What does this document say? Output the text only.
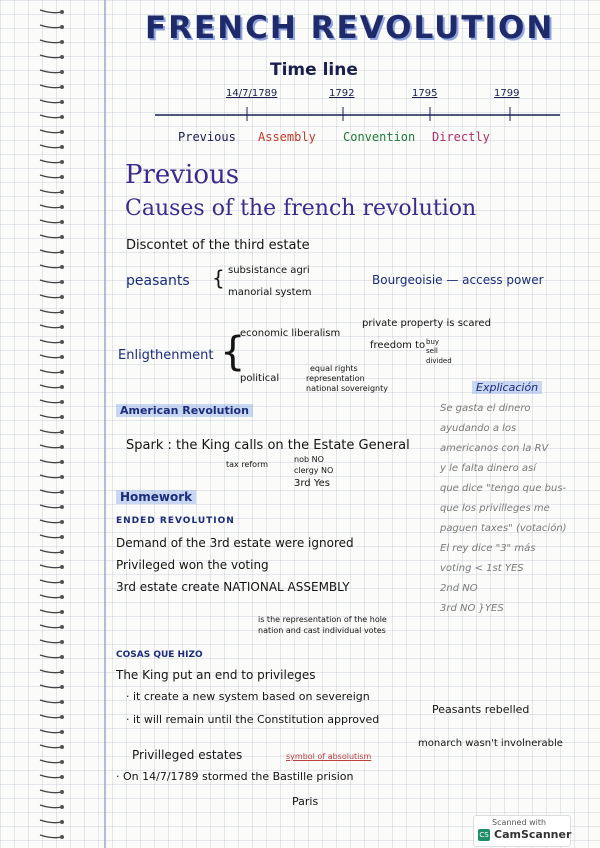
FRENCH REVOLUTION
Time line
14/7/1789	1792	1795	1799
Previous Assembly Convention Directly
Previous
Causes of the french revolution
Discontet of the third estate
peasants { subsistance agri
manorial system
Bourgeoisie — access power
Enligthenment {
economic liberalism
private property is scared
freedom to buy
sell
divided
political
equal rights
representation
national sovereignty
American Revolution
Spark : the King calls on the Estate General
tax reform
nob NO
clergy NO
3rd Yes
Explicación
Se gasta el dinero
ayudando a los
americanos con la RV
y le falta dinero así
que dice "tengo que bus-
que los privilleges me
paguen taxes" (votación)
El rey dice "3" más
voting < 1st YES
2nd NO
3rd NO }YES
Homework
ENDED REVOLUTION
Demand of the 3rd estate were ignored
Privileged won the voting
3rd estate create NATIONAL ASSEMBLY
is the representation of the hole
nation and cast individual votes
COSAS QUE HIZO
The King put an end to privileges
· it create a new system based on severeign
· it will remain until the Constitution approved
Peasants rebelled
monarch wasn't involnerable
Privilleged estates	symbol of absolutism
· On 14/7/1789 stormed the Bastille prision
Paris
Scanned with
CS CamScanner
